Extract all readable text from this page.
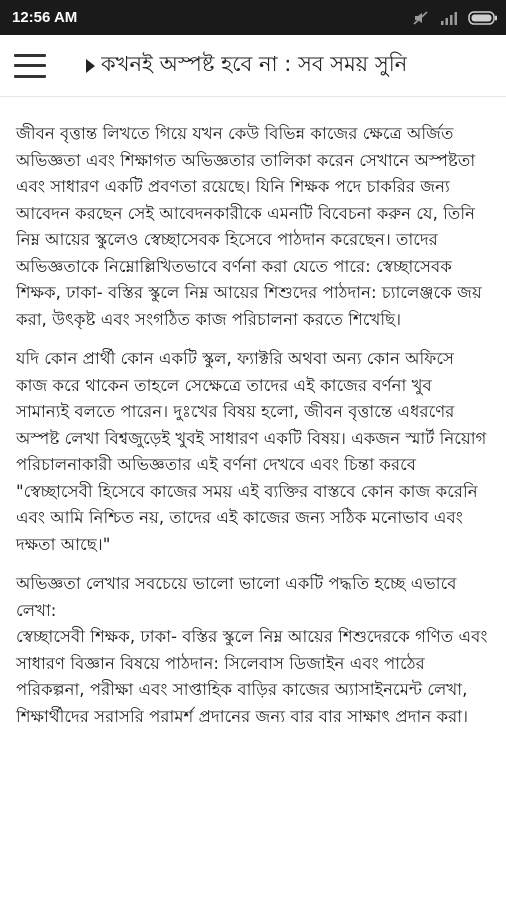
12:56 AM
কখনই অস্পষ্ট হবে না : সব সময় সুনি

জীবন বৃত্তান্ত লিখতে গিয়ে যখন কেউ বিভিন্ন কাজের ক্ষেত্রে অর্জিত অভিজ্ঞতা এবং শিক্ষাগত অভিজ্ঞতার তালিকা করেন সেখানে অস্পষ্টতা এবং সাধারণ একটি প্রবণতা রয়েছে। যিনি শিক্ষক পদে চাকরির জন্য আবেদন করছেন সেই আবেদনকারীকে এমনটি বিবেচনা করুন যে, তিনি নিম্ন আয়ের স্কুলেও স্বেচ্ছাসেবক হিসেবে পাঠদান করেছেন। তাদের অভিজ্ঞতাকে নিম্নোল্লিখিতভাবে বর্ণনা করা যেতে পারে: স্বেচ্ছাসেবক শিক্ষক, ঢাকা- বস্তির স্কুলে নিম্ন আয়ের শিশুদের পাঠদান: চ্যালেঞ্জকে জয় করা, উৎকৃষ্ট এবং সংগঠিত কাজ পরিচালনা করতে শিখেছি।

যদি কোন প্রার্থী কোন একটি স্কুল, ফ্যাক্টরি অথবা অন্য কোন অফিসে কাজ করে থাকেন তাহলে সেক্ষেত্রে তাদের এই কাজের বর্ণনা খুব সামান্যই বলতে পারেন। দুঃখের বিষয় হলো, জীবন বৃত্তান্তে এধরণের অস্পষ্ট লেখা বিশ্বজুড়েই খুবই সাধারণ একটি বিষয়। একজন স্মার্ট নিয়োগ পরিচালনাকারী অভিজ্ঞতার এই বর্ণনা দেখবে এবং চিন্তা করবে "স্বেচ্ছাসেবী হিসেবে কাজের সময় এই ব্যক্তির বাস্তবে কোন কাজ করেনি এবং আমি নিশ্চিত নয়, তাদের এই কাজের জন্য সঠিক মনোভাব এবং দক্ষতা আছে।"

অভিজ্ঞতা লেখার সবচেয়ে ভালো ভালো একটি পদ্ধতি হচ্ছে এভাবে লেখা:

স্বেচ্ছাসেবী শিক্ষক, ঢাকা- বস্তির স্কুলে নিম্ন আয়ের শিশুদেরকে গণিত এবং সাধারণ বিজ্ঞান বিষয়ে পাঠদান: সিলেবাস ডিজাইন এবং পাঠের পরিকল্পনা, পরীক্ষা এবং সাপ্তাহিক বাড়ির কাজের অ্যাসাইনমেন্ট লেখা, শিক্ষার্থীদের সরাসরি পরামর্শ প্রদানের জন্য বার বার সাক্ষাৎ প্রদান করা।
